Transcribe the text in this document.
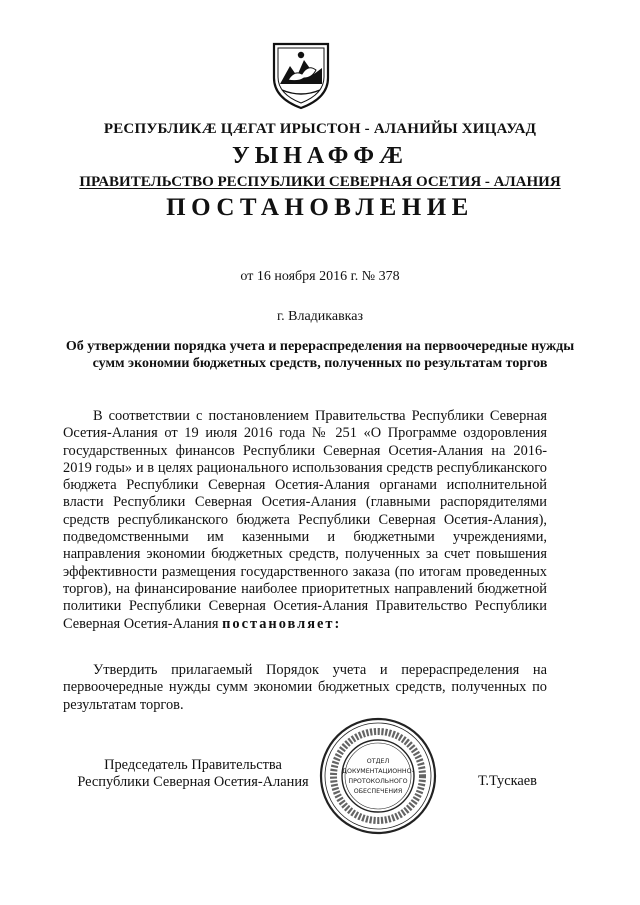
РЕСПУБЛИКӔ ЦӔГАТ ИРЫСТОН - АЛАНИЙЫ ХИЦАУАД
УЫНАФФӔ
ПРАВИТЕЛЬСТВО РЕСПУБЛИКИ СЕВЕРНАЯ ОСЕТИЯ - АЛАНИЯ
ПОСТАНОВЛЕНИЕ
от 16 ноября 2016 г. № 378
г. Владикавказ
Об утверждении порядка учета и перераспределения на первоочередные нужды сумм экономии бюджетных средств, полученных по результатам торгов
В соответствии с постановлением Правительства Республики Северная Осетия-Алания от 19 июля 2016 года № 251 «О Программе оздоровления государственных финансов Республики Северная Осетия-Алания на 2016-2019 годы» и в целях рационального использования средств республиканского бюджета Республики Северная Осетия-Алания органами исполнительной власти Республики Северная Осетия-Алания (главными распорядителями средств республиканского бюджета Республики Северная Осетия-Алания), подведомственными им казенными и бюджетными учреждениями, направления экономии бюджетных средств, полученных за счет повышения эффективности размещения государственного заказа (по итогам проведенных торгов), на финансирование наиболее приоритетных направлений бюджетной политики Республики Северная Осетия-Алания Правительство Республики Северная Осетия-Алания постановляет:
Утвердить прилагаемый Порядок учета и перераспределения на первоочередные нужды сумм экономии бюджетных средств, полученных по результатам торгов.
Председатель Правительства
Республики Северная Осетия-Алания
ОТДЕЛ
ДОКУМЕНТАЦИОННО-
ПРОТОКОЛЬНОГО
ОБЕСПЕЧЕНИЯ
Т.Тускаев
